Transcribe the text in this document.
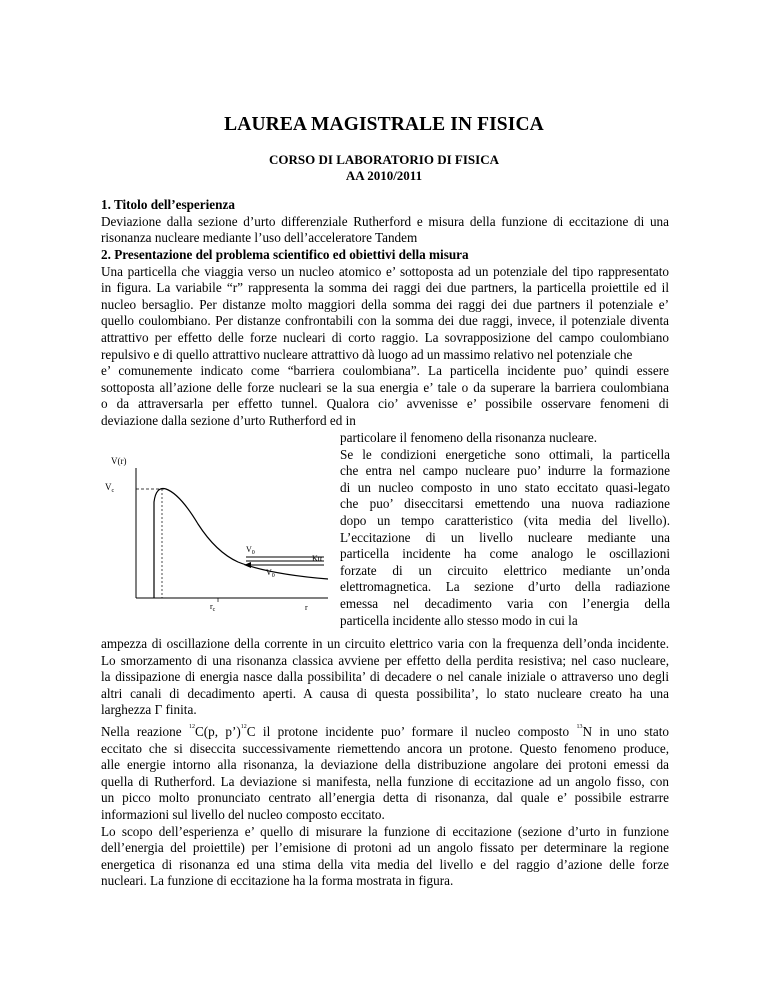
LAUREA MAGISTRALE IN FISICA
CORSO DI LABORATORIO DI FISICA
AA 2010/2011
1. Titolo dell’esperienza
Deviazione dalla sezione d’urto differenziale Rutherford e misura della funzione di eccitazione di una
risonanza nucleare mediante l’uso dell’acceleratore Tandem
2. Presentazione del problema scientifico ed obiettivi della misura
Una particella che viaggia verso un nucleo atomico e’ sottoposta ad un potenziale del tipo rappresentato
in figura. La variabile “r” rappresenta la somma dei raggi dei due partners, la particella proiettile ed il
nucleo bersaglio. Per distanze molto maggiori della somma dei raggi dei due partners il potenziale e’
quello coulombiano. Per distanze confrontabili con la somma dei due raggi, invece, il potenziale diventa
attrattivo per effetto delle forze nucleari di corto raggio. La sovrapposizione del campo coulombiano
repulsivo e di quello attrattivo nucleare attrattivo dà luogo ad un massimo relativo nel potenziale che
e’ comunemente indicato come “barriera coulombiana”. La particella incidente puo’ quindi essere
sottoposta all’azione delle forze nucleari se la sua energia e’ tale o da superare la barriera coulombiana
o da attraversarla per effetto tunnel. Qualora cio’ avvenisse e’ possibile osservare fenomeni di
deviazione dalla sezione d’urto Rutherford ed in
particolare il fenomeno della risonanza nucleare.
Se le condizioni energetiche sono ottimali, la particella
che entra nel campo nucleare puo’ indurre la formazione
di un nucleo composto in uno stato eccitato quasi-legato
che puo’ diseccitarsi emettendo una nuova radiazione
dopo un tempo caratteristico (vita media del livello).
L’eccitazione di un livello nucleare mediante una
particella incidente ha come analogo le oscillazioni
forzate di un circuito elettrico mediante un’onda
elettromagnetica. La sezione d’urto della radiazione
emessa nel decadimento varia con l’energia della
particella incidente allo stesso modo in cui la
V(r)
$V_c$
$V_0$
$V_0$
Kα
$r_c$	r
ampezza di oscillazione della corrente in un circuito elettrico varia con la frequenza dell’onda incidente.
Lo smorzamento di una risonanza classica avviene per effetto della perdita resistiva; nel caso nucleare,
la dissipazione di energia nasce dalla possibilita’ di decadere o nel canale iniziale o attraverso uno degli
altri canali di decadimento aperti. A causa di questa possibilita’, lo stato nucleare creato ha una
larghezza Γ finita.
Nella reazione $^{12}$C(p, p’)$^{12}$C il protone incidente puo’ formare il nucleo composto $^{13}$N in uno stato
eccitato che si diseccita successivamente riemettendo ancora un protone. Questo fenomeno produce,
alle energie intorno alla risonanza, la deviazione della distribuzione angolare dei protoni emessi da
quella di Rutherford. La deviazione si manifesta, nella funzione di eccitazione ad un angolo fisso, con
un picco molto pronunciato centrato all’energia detta di risonanza, dal quale e’ possibile estrarre
informazioni sul livello del nucleo composto eccitato.
Lo scopo dell’esperienza e’ quello di misurare la funzione di eccitazione (sezione d’urto in funzione
dell’energia del proiettile) per l’emisione di protoni ad un angolo fissato per determinare la regione
energetica di risonanza ed una stima della vita media del livello e del raggio d’azione delle forze
nucleari. La funzione di eccitazione ha la forma mostrata in figura.
